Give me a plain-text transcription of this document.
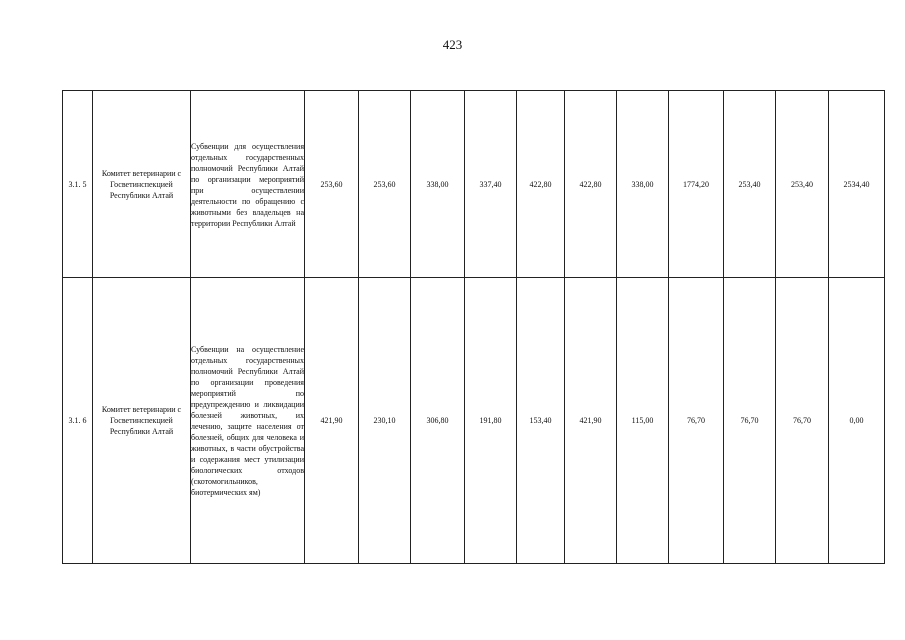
423
3.1. 5	Комитет ветеринарии с Госветинспекцией Республики Алтай	Субвенции для осуществления отдельных государственных полномочий Республики Алтай по организации мероприятий при осуществлении деятельности по обращению с животными без владельцев на территории Республики Алтай	253,60	253,60	338,00	337,40	422,80	422,80	338,00	1774,20	253,40	253,40	2534,40
3.1. 6	Комитет ветеринарии с Госветинспекцией Республики Алтай	Субвенции на осуществление отдельных государственных полномочий Республики Алтай по организации проведения мероприятий по предупреждению и ликвидации болезней животных, их лечению, защите населения от болезней, общих для человека и животных, в части обустройства и содержания мест утилизации биологических отходов (скотомогильников, биотермических ям)	421,90	230,10	306,80	191,80	153,40	421,90	115,00	76,70	76,70	76,70	0,00
